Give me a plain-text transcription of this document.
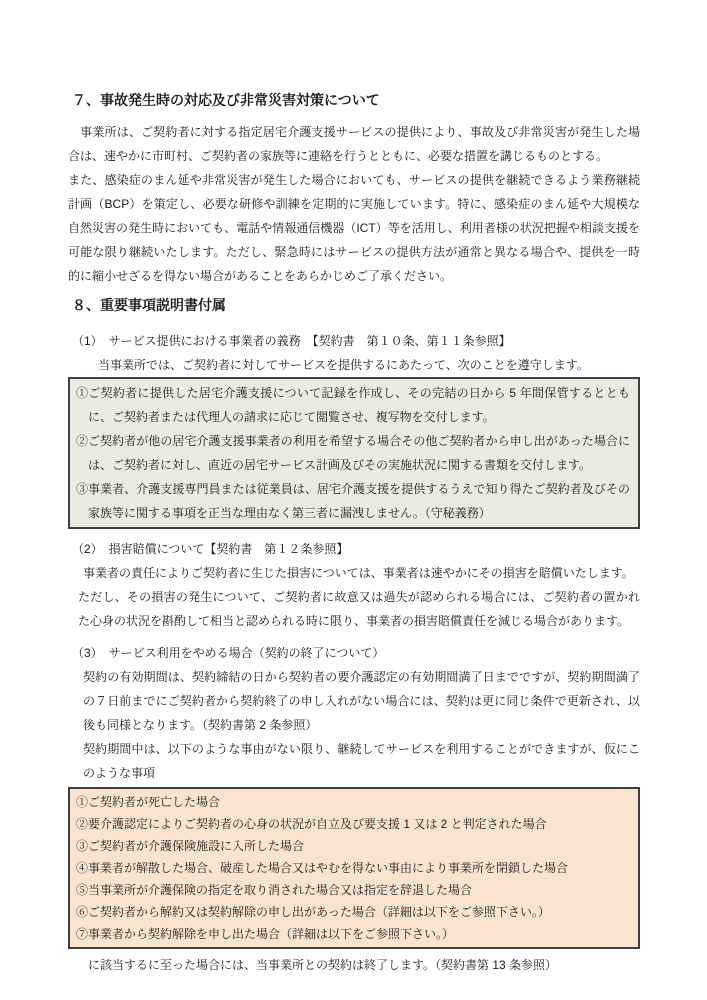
７、事故発生時の対応及び非常災害対策について

　事業所は、ご契約者に対する指定居宅介護支援サービスの提供により、事故及び非常災害が発生した場合は、速やかに市町村、ご契約者の家族等に連絡を行うとともに、必要な措置を講じるものとする。

また、感染症のまん延や非常災害が発生した場合においても、サービスの提供を継続できるよう業務継続計画（BCP）を策定し、必要な研修や訓練を定期的に実施しています。特に、感染症のまん延や大規模な自然災害の発生時においても、電話や情報通信機器（ICT）等を活用し、利用者様の状況把握や相談支援を可能な限り継続いたします。ただし、緊急時にはサービスの提供方法が通常と異なる場合や、提供を一時的に縮小せざるを得ない場合があることをあらかじめご了承ください。

８、重要事項説明書付属

（1）　サービス提供における事業者の義務　【契約書　第１０条、第１１条参照】

当事業所では、ご契約者に対してサービスを提供するにあたって、次のことを遵守します。

①ご契約者に提供した居宅介護支援について記録を作成し、その完結の日から 5 年間保管するとともに、ご契約者または代理人の請求に応じて閲覧させ、複写物を交付します。

②ご契約者が他の居宅介護支援事業者の利用を希望する場合その他ご契約者から申し出があった場合には、ご契約者に対し、直近の居宅サービス計画及びその実施状況に関する書類を交付します。

③事業者、介護支援専門員または従業員は、居宅介護支援を提供するうえで知り得たご契約者及びその家族等に関する事項を正当な理由なく第三者に漏洩しません。（守秘義務）

（2）　損害賠償について【契約書　第１２条参照】

事業者の責任によりご契約者に生じた損害については、事業者は速やかにその損害を賠償いたします。

ただし、その損害の発生について、ご契約者に故意又は過失が認められる場合には、ご契約者の置かれた心身の状況を斟酌して相当と認められる時に限り、事業者の損害賠償責任を減じる場合があります。

（3）　サービス利用をやめる場合（契約の終了について）

契約の有効期間は、契約締結の日から契約者の要介護認定の有効期間満了日までですが、契約期間満了の７日前までにご契約者から契約終了の申し入れがない場合には、契約は更に同じ条件で更新され、以後も同様となります。（契約書第 2 条参照）

契約期間中は、以下のような事由がない限り、継続してサービスを利用することができますが、仮にこのような事項

①ご契約者が死亡した場合

②要介護認定によりご契約者の心身の状況が自立及び要支援 1 又は 2 と判定された場合

③ご契約者が介護保険施設に入所した場合

④事業者が解散した場合、破産した場合又はやむを得ない事由により事業所を閉鎖した場合

⑤当事業所が介護保険の指定を取り消された場合又は指定を辞退した場合

⑥ご契約者から解約又は契約解除の申し出があった場合（詳細は以下をご参照下さい。）

⑦事業者から契約解除を申し出た場合（詳細は以下をご参照下さい。）

に該当するに至った場合には、当事業所との契約は終了します。（契約書第 13 条参照）
